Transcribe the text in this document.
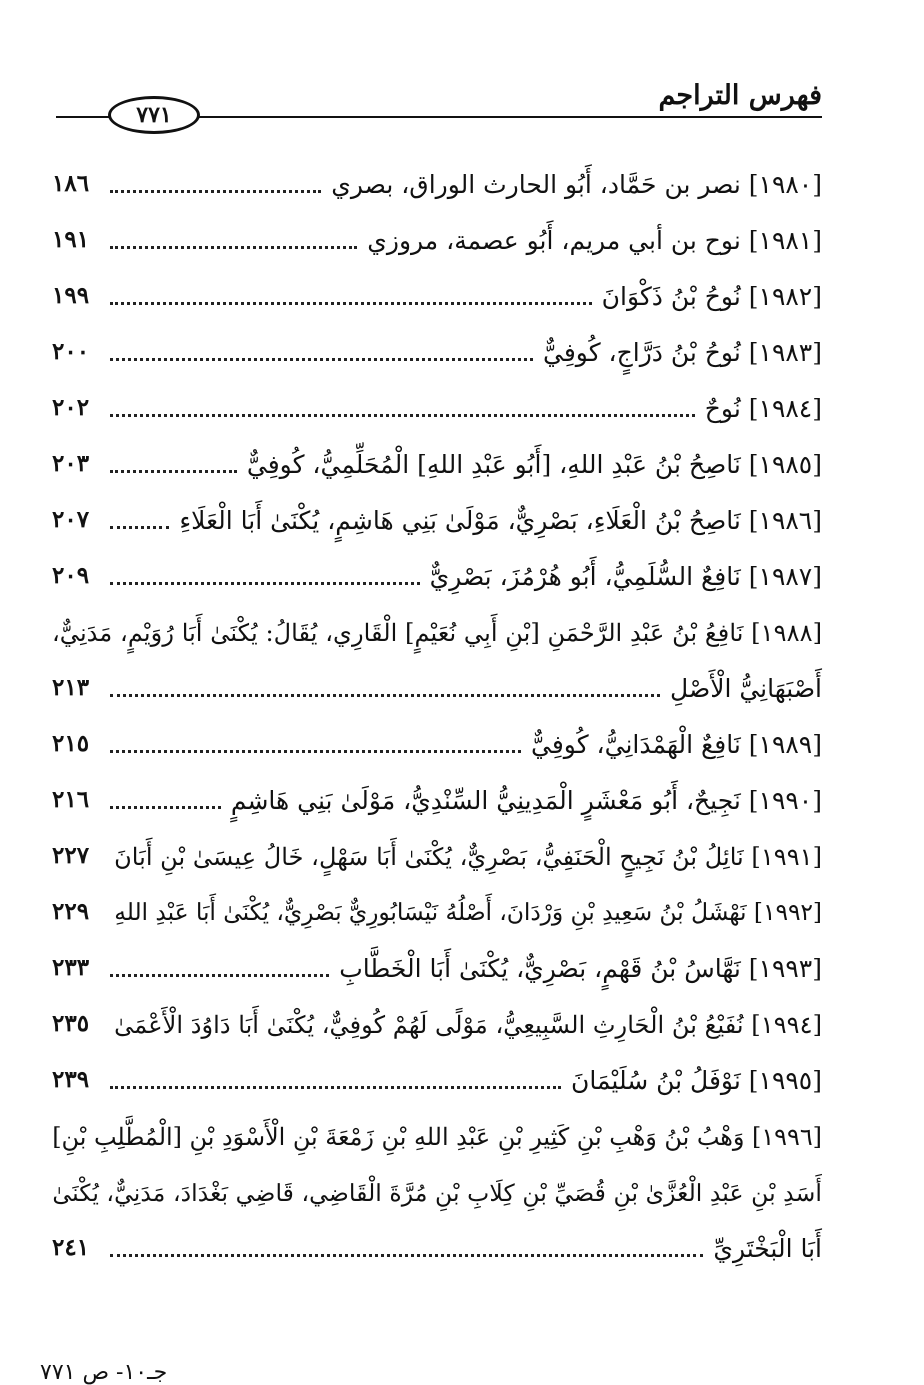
فهرس التراجم
٧٧١
[١٩٨٠] نصر بن حَمَّاد، أَبُو الحارث الوراق، بصري
١٨٦
[١٩٨١] نوح بن أبي مريم، أَبُو عصمة، مروزي
١٩١
[١٩٨٢] نُوحُ بْنُ ذَكْوَانَ
١٩٩
[١٩٨٣] نُوحُ بْنُ دَرَّاجٍ، كُوفِيٌّ
٢٠٠
[١٩٨٤] نُوحٌ
٢٠٢
[١٩٨٥] نَاصِحُ بْنُ عَبْدِ اللهِ، [أَبُو عَبْدِ اللهِ] الْمُحَلِّمِيُّ، كُوفِيٌّ
٢٠٣
[١٩٨٦] نَاصِحُ بْنُ الْعَلَاءِ، بَصْرِيٌّ، مَوْلَىٰ بَنِي هَاشِمٍ، يُكْنَىٰ أَبَا الْعَلَاءِ
٢٠٧
[١٩٨٧] نَافِعٌ السُّلَمِيُّ، أَبُو هُرْمُزَ، بَصْرِيٌّ
٢٠٩
[١٩٨٨] نَافِعُ بْنُ عَبْدِ الرَّحْمَنِ [بْنِ أَبِي نُعَيْمٍ] الْقَارِي، يُقَالُ: يُكْنَىٰ أَبَا رُوَيْمٍ، مَدَنِيٌّ،
أَصْبَهَانِيُّ الْأَصْلِ
٢١٣
[١٩٨٩] نَافِعٌ الْهَمْدَانِيُّ، كُوفِيٌّ
٢١٥
[١٩٩٠] نَجِيحٌ، أَبُو مَعْشَرٍ الْمَدِينِيُّ السِّنْدِيُّ، مَوْلَىٰ بَنِي هَاشِمٍ
٢١٦
[١٩٩١] نَائِلُ بْنُ نَجِيحٍ الْحَنَفِيُّ، بَصْرِيٌّ، يُكْنَىٰ أَبَا سَهْلٍ، خَالُ عِيسَىٰ بْنِ أَبَانَ
٢٢٧
[١٩٩٢] نَهْشَلُ بْنُ سَعِيدِ بْنِ وَرْدَانَ، أَصْلُهُ نَيْسَابُورِيٌّ بَصْرِيٌّ، يُكْنَىٰ أَبَا عَبْدِ اللهِ
٢٢٩
[١٩٩٣] نَهَّاسُ بْنُ قَهْمٍ، بَصْرِيٌّ، يُكْنَىٰ أَبَا الْخَطَّابِ
٢٣٣
[١٩٩٤] نُفَيْعُ بْنُ الْحَارِثِ السَّبِيعِيُّ، مَوْلًى لَهُمْ كُوفِيٌّ، يُكْنَىٰ أَبَا دَاوُدَ الْأَعْمَىٰ
٢٣٥
[١٩٩٥] نَوْفَلُ بْنُ سُلَيْمَانَ
٢٣٩
[١٩٩٦] وَهْبُ بْنُ وَهْبِ بْنِ كَثِيرِ بْنِ عَبْدِ اللهِ بْنِ زَمْعَةَ بْنِ الْأَسْوَدِ بْنِ [الْمُطَّلِبِ بْنِ]
أَسَدِ بْنِ عَبْدِ الْعُزَّىٰ بْنِ قُصَيِّ بْنِ كِلَابِ بْنِ مُرَّةَ الْقَاضِي، قَاضِي بَغْدَادَ، مَدَنِيٌّ، يُكْنَىٰ
أَبَا الْبَخْتَرِيِّ
٢٤١
جـ١٠- ص ٧٧١
